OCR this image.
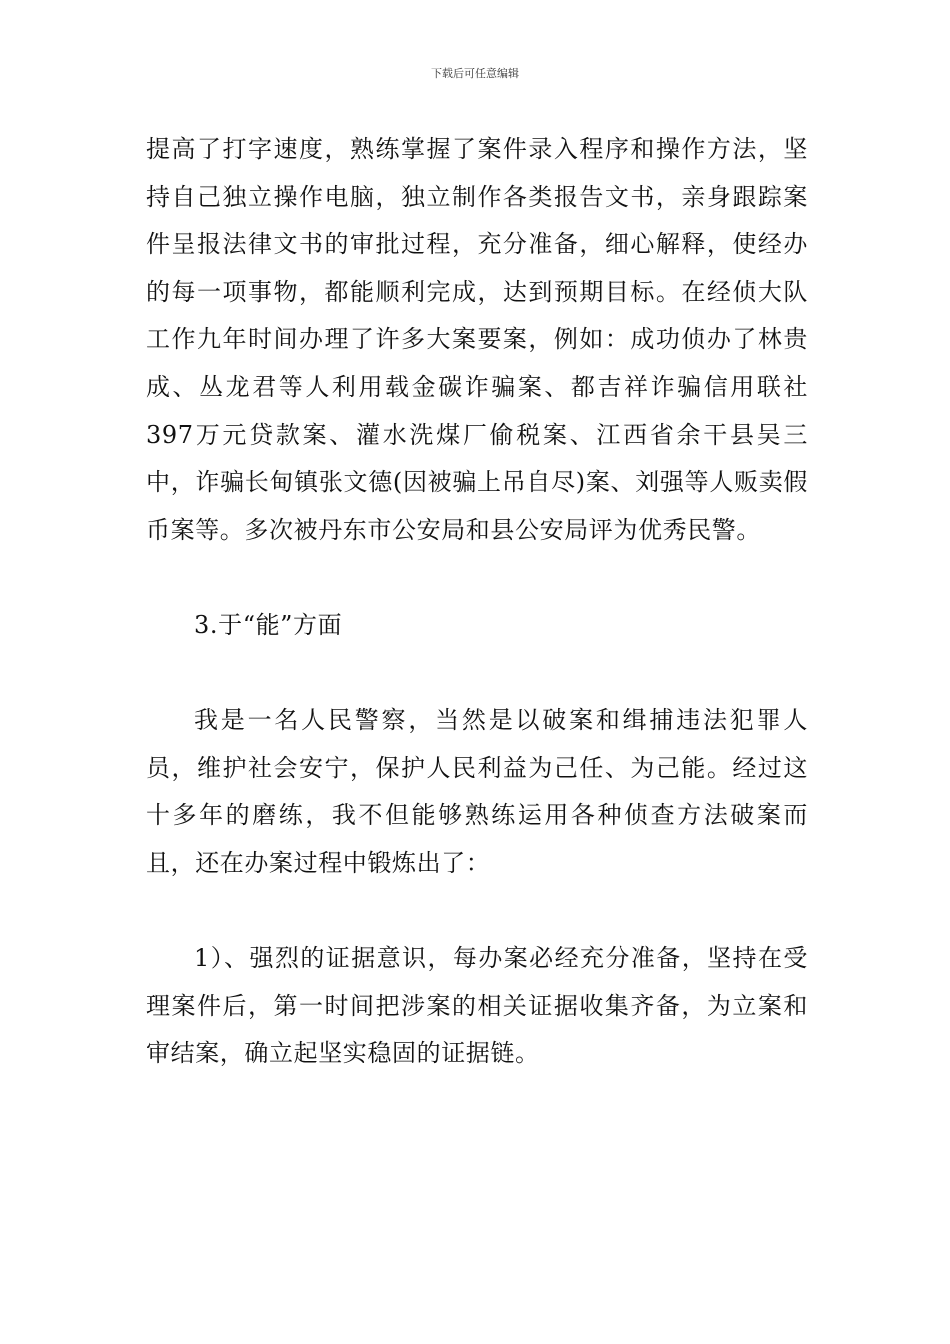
下载后可任意编辑

提高了打字速度，熟练掌握了案件录入程序和操作方法，坚持自己独立操作电脑，独立制作各类报告文书，亲身跟踪案件呈报法律文书的审批过程，充分准备，细心解释，使经办的每一项事物，都能顺利完成，达到预期目标。在经侦大队工作九年时间办理了许多大案要案，例如：成功侦办了林贵成、丛龙君等人利用载金碳诈骗案、都吉祥诈骗信用联社397万元贷款案、灌水洗煤厂偷税案、江西省余干县吴三中，诈骗长甸镇张文德(因被骗上吊自尽)案、刘强等人贩卖假 币案等。多次被丹东市公安局和县公安局评为优秀民警。

3.于“能”方面

我是一名人民警察，当然是以破案和缉捕违法犯罪人员，维护社会安宁，保护人民利益为己任、为己能。经过这十多年的磨练，我不但能够熟练运用各种侦查方法破案而且，还在办案过程中锻炼出了：

1）、强烈的证据意识，每办案必经充分准备，坚持在受理案件后，第一时间把涉案的相关证据收集齐备，为立案和审结案，确立起坚实稳固的证据链。
